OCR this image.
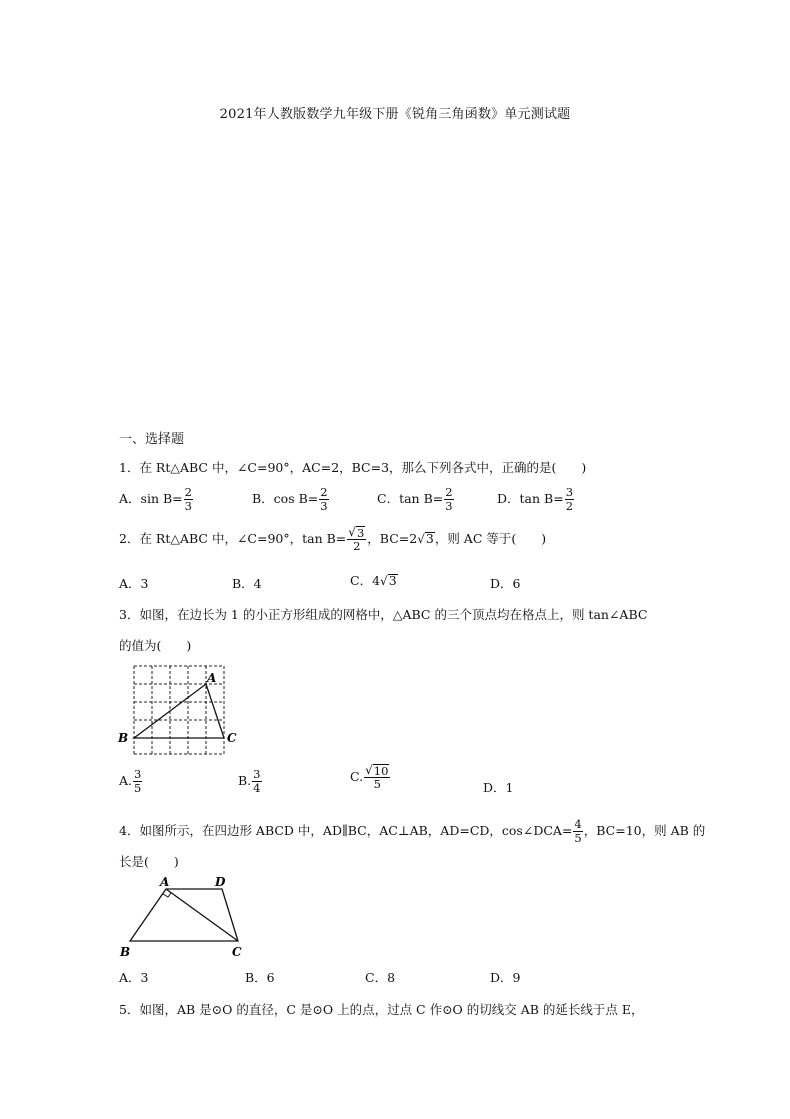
2021年人教版数学九年级下册《锐角三角函数》单元测试题
一、选择题
1．在 Rt△ABC 中，∠C=90°，AC=2，BC=3，那么下列各式中，正确的是(　　)
A．$\sin B= \frac{2}{3}$	B．$\cos B= \frac{2}{3}$	C．$\tan B= \frac{2}{3}$	D．$\tan B= \frac{3}{2}$
2．在 Rt△ABC 中，∠C=90°，$\tan B= \frac{√ 3}{2}$ ，BC=2 √ 3 ，则 AC 等于(　　)
A．3	B．4	C．4 √ 3	D．6
3．如图，在边长为 1 的小正方形组成的网格中，△ABC 的三个顶点均在格点上，则 tan∠ABC
的值为(　　)
A
B	C
A. $\frac{3}{5}$	B. $\frac{3}{4}$	C. $\frac{√ 10}{5}$	D．1
4．如图所示，在四边形 ABCD 中，AD∥BC，AC⊥AB，AD=CD，cos∠DCA= $\frac{4}{5}$ ，BC=10，则 AB 的
长是(　　)
A	D
B	C
A．3	B．6	C．8	D．9
5．如图，AB 是⊙O 的直径，C 是⊙O 上的点，过点 C 作⊙O 的切线交 AB 的延长线于点 E，
